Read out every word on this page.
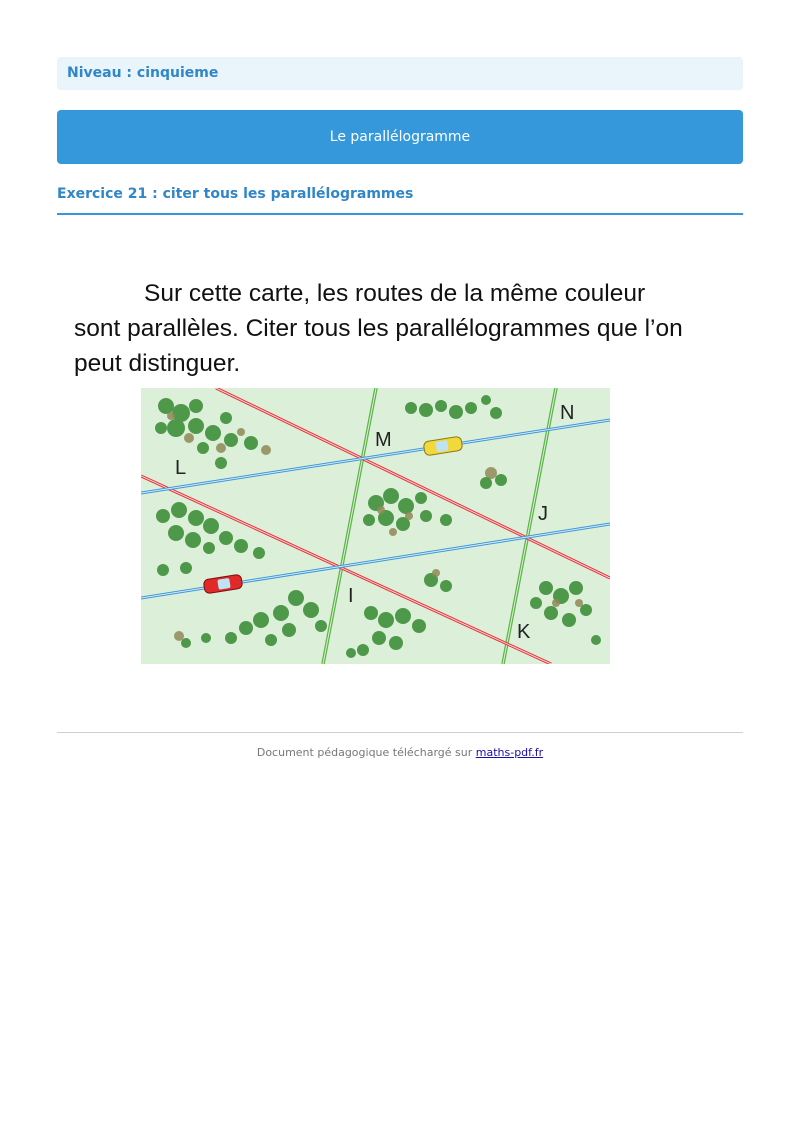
Niveau : cinquieme
Le parallélogramme
Exercice 21 : citer tous les parallélogrammes
Sur cette carte, les routes de la même couleur sont parallèles. Citer tous les parallélogrammes que l’on peut distinguer.
L
M
N
J
I
K
Document pédagogique téléchargé sur maths-pdf.fr
